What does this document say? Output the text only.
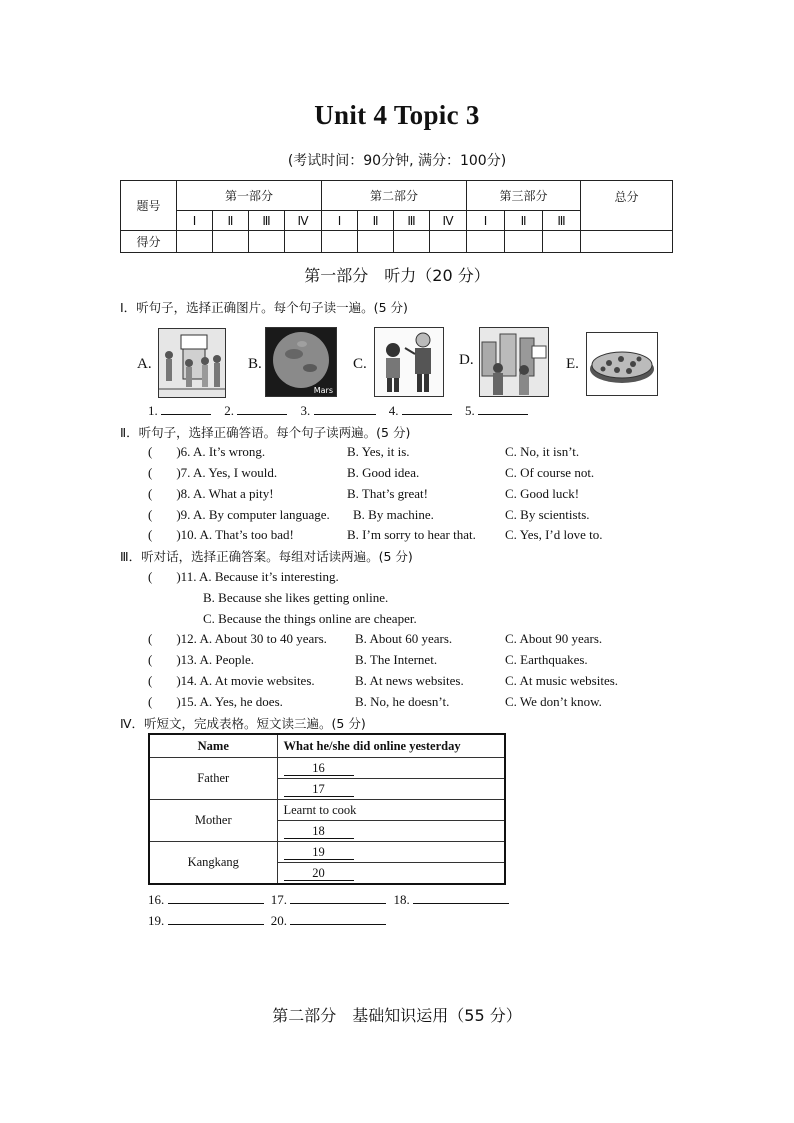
Unit 4 Topic 3
(考试时间：90分钟, 满分：100分)
题号	第一部分				第二部分				第三部分			总分
	Ⅰ	Ⅱ	Ⅲ	Ⅳ	Ⅰ	Ⅱ	Ⅲ	Ⅳ	Ⅰ	Ⅱ	Ⅲ	
得分												
第一部分　听力（20 分）
Ⅰ．听句子，选择正确图片。每个句子读一遍。(5 分)
A.	B.
Mars
C.	D.	E.
1.	2.	3.	4.	5.
Ⅱ．听句子，选择正确答语。每个句子读两遍。(5 分)
( )6. A. It’s wrong.	B. Yes, it is.	C. No, it isn’t.
( )7. A. Yes, I would.	B. Good idea.	C. Of course not.
( )8. A. What a pity!	B. That’s great!	C. Good luck!
( )9. A. By computer language. B. By machine.	C. By scientists.
( )10. A. That’s too bad!	B. I’m sorry to hear that. C. Yes, I’d love to.
Ⅲ．听对话，选择正确答案。每组对话读两遍。(5 分)
( )11. A. Because it’s interesting.
B. Because she likes getting online.
C. Because the things online are cheaper.
( )12. A. About 30 to 40 years. B. About 60 years.	C. About 90 years.
( )13. A. People.	B. The Internet.	C. Earthquakes.
( )14. A. At movie websites.	B. At news websites.	C. At music websites.
( )15. A. Yes, he does.	B. No, he doesn’t.	C. We don’t know.
Ⅳ．听短文，完成表格。短文读三遍。(5 分)
Name	What he/she did online yesterday
Father	16
	17
Mother	Learnt to cook
	18
Kangkang	19
	20
16.	17.	18.
19.	20.
第二部分　基础知识运用（55 分）
